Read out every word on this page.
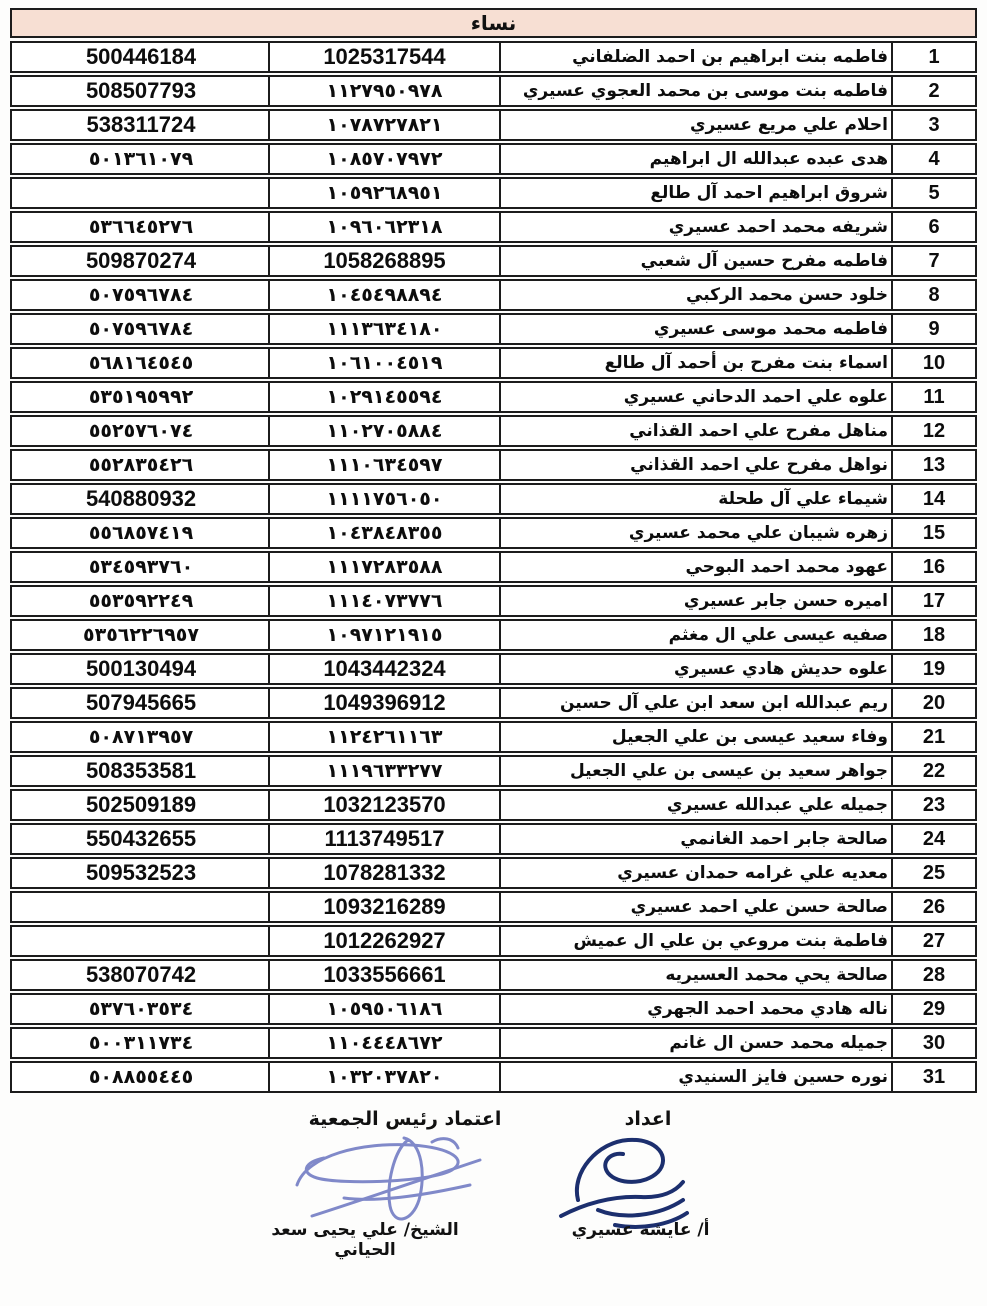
نساء
1
فاطمه بنت ابراهيم بن احمد الضلفاني
1025317544
500446184
2
فاطمه بنت موسى بن محمد العجوي عسيري
١١٢٧٩٥٠٩٧٨
508507793
3
احلام علي مريع عسيري
١٠٧٨٧٢٧٨٢١
538311724
4
هدى عبده عبدالله ال ابراهيم
١٠٨٥٧٠٧٩٧٢
٥٠١٣٦١٠٧٩
5
شروق ابراهيم احمد آل طالع
١٠٥٩٢٦٨٩٥١
6
شريفه محمد احمد عسيري
١٠٩٦٠٦٢٣١٨
٥٣٦٦٤٥٢٧٦
7
فاطمه مفرح حسين آل شعبي
1058268895
509870274
8
خلود حسن محمد الركبي
١٠٤٥٤٩٨٨٩٤
٥٠٧٥٩٦٧٨٤
9
فاطمه محمد موسى عسيري
١١١٣٦٣٤١٨٠
٥٠٧٥٩٦٧٨٤
10
اسماء بنت مفرح بن أحمد آل طالع
١٠٦١٠٠٤٥١٩
٥٦٨١٦٤٥٤٥
11
علوه علي احمد الدحاني عسيري
١٠٢٩١٤٥٥٩٤
٥٣٥١٩٥٩٩٢
12
مناهل مفرح علي احمد القذاني
١١٠٢٧٠٥٨٨٤
٥٥٢٥٧٦٠٧٤
13
نواهل مفرح علي احمد القذاني
١١١٠٦٣٤٥٩٧
٥٥٢٨٣٥٤٢٦
14
شيماء علي آل طحلة
١١١١٧٥٦٠٥٠
540880932
15
زهره شيبان علي محمد عسيري
١٠٤٣٨٤٨٣٥٥
٥٥٦٨٥٧٤١٩
16
عهود محمد احمد البوحي
١١١٧٢٨٣٥٨٨
٥٣٤٥٩٣٧٦٠
17
اميره حسن جابر عسيري
١١١٤٠٧٣٧٧٦
٥٥٣٥٩٢٢٤٩
18
صفيه عيسى علي ال مغثم
١٠٩٧١٢١٩١٥
٥٣٥٦٢٢٦٩٥٧
19
علوه حديش هادي عسيري
1043442324
500130494
20
ريم عبدالله ابن سعد ابن علي آل حسين
1049396912
507945665
21
وفاء سعيد عيسى بن علي الجعيل
١١٢٤٢٦١١٦٣
٥٠٨٧١٣٩٥٧
22
جواهر سعيد بن عيسى بن علي الجعيل
١١١٩٦٣٣٢٧٧
508353581
23
جميله علي عبدالله عسيري
1032123570
502509189
24
صالحة جابر احمد الغانمي
1113749517
550432655
25
معديه علي غرامه حمدان عسيري
1078281332
509532523
26
صالحة حسن علي احمد عسيري
1093216289
27
فاطمة بنت مروعي بن علي ال عميش
1012262927
28
صالحة يحي محمد العسيريه
1033556661
538070742
29
ناله هادي محمد احمد الجهري
١٠٥٩٥٠٦١٨٦
٥٣٧٦٠٣٥٣٤
30
جميله محمد حسن ال غانم
١١٠٤٤٤٨٦٧٢
٥٠٠٣١١٧٣٤
31
نوره حسين فايز السنيدي
١٠٣٢٠٣٧٨٢٠
٥٠٨٨٥٥٤٤٥
اعتماد رئيس الجمعية	اعداد
الشيخ/ علي يحيى سعد الحياني
أ/ عايشه عسيري
